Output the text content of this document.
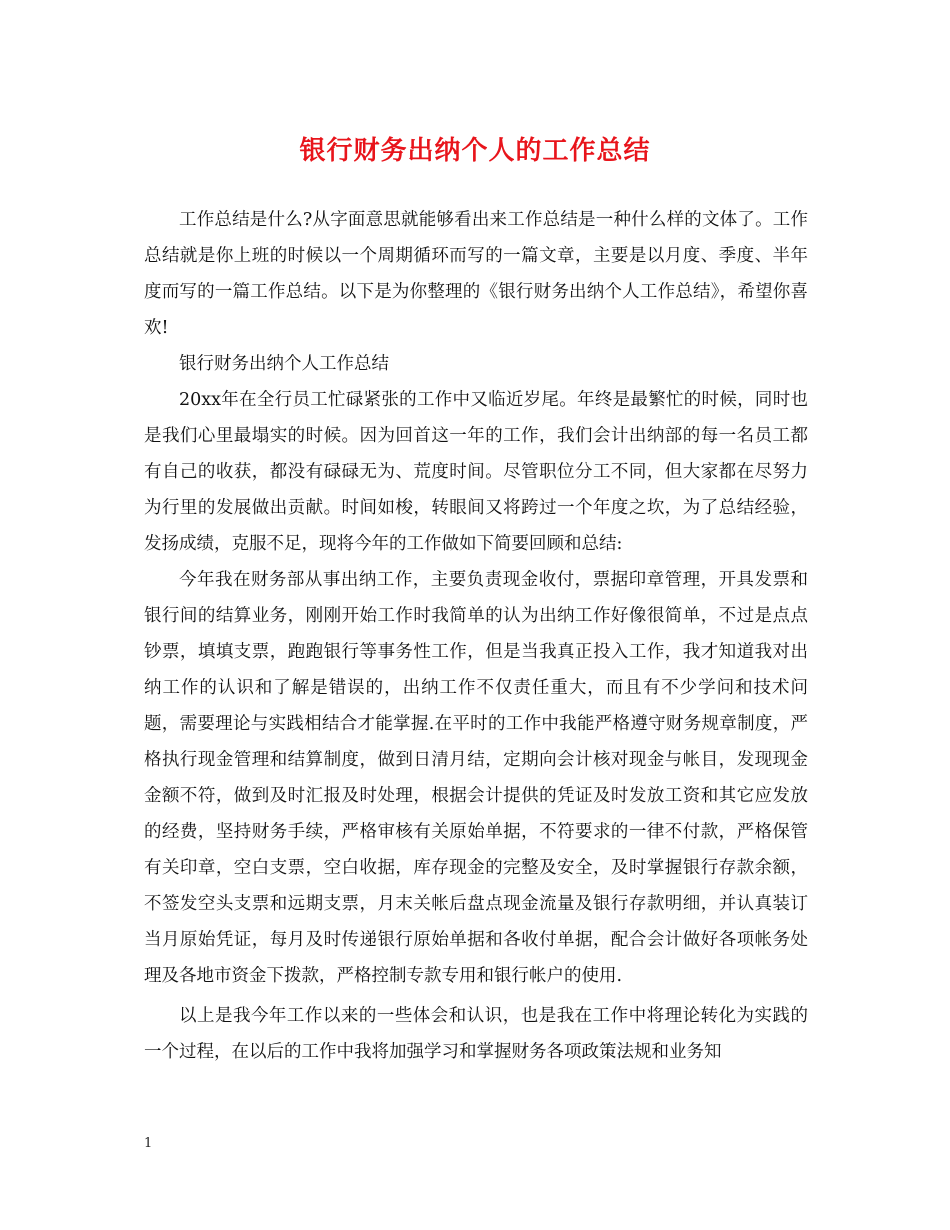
银行财务出纳个人的工作总结

工作总结是什么?从字面意思就能够看出来工作总结是一种什么样的文体了。工作总结就是你上班的时候以一个周期循环而写的一篇文章，主要是以月度、季度、半年度而写的一篇工作总结。以下是为你整理的《银行财务出纳个人工作总结》，希望你喜欢!

银行财务出纳个人工作总结

20xx年在全行员工忙碌紧张的工作中又临近岁尾。年终是最繁忙的时候，同时也是我们心里最塌实的时候。因为回首这一年的工作，我们会计出纳部的每一名员工都有自己的收获，都没有碌碌无为、荒度时间。尽管职位分工不同，但大家都在尽努力为行里的发展做出贡献。时间如梭，转眼间又将跨过一个年度之坎，为了总结经验，发扬成绩，克服不足，现将今年的工作做如下简要回顾和总结:

今年我在财务部从事出纳工作，主要负责现金收付，票据印章管理，开具发票和银行间的结算业务，刚刚开始工作时我简单的认为出纳工作好像很简单，不过是点点钞票，填填支票，跑跑银行等事务性工作，但是当我真正投入工作，我才知道我对出纳工作的认识和了解是错误的，出纳工作不仅责任重大，而且有不少学问和技术问题，需要理论与实践相结合才能掌握.在平时的工作中我能严格遵守财务规章制度，严格执行现金管理和结算制度，做到日清月结，定期向会计核对现金与帐目，发现现金金额不符，做到及时汇报及时处理，根据会计提供的凭证及时发放工资和其它应发放的经费，坚持财务手续，严格审核有关原始单据，不符要求的一律不付款，严格保管有关印章，空白支票，空白收据，库存现金的完整及安全，及时掌握银行存款余额，不签发空头支票和远期支票，月末关帐后盘点现金流量及银行存款明细，并认真装订当月原始凭证，每月及时传递银行原始单据和各收付单据，配合会计做好各项帐务处理及各地市资金下拨款，严格控制专款专用和银行帐户的使用.

以上是我今年工作以来的一些体会和认识，也是我在工作中将理论转化为实践的一个过程，在以后的工作中我将加强学习和掌握财务各项政策法规和业务知

1
